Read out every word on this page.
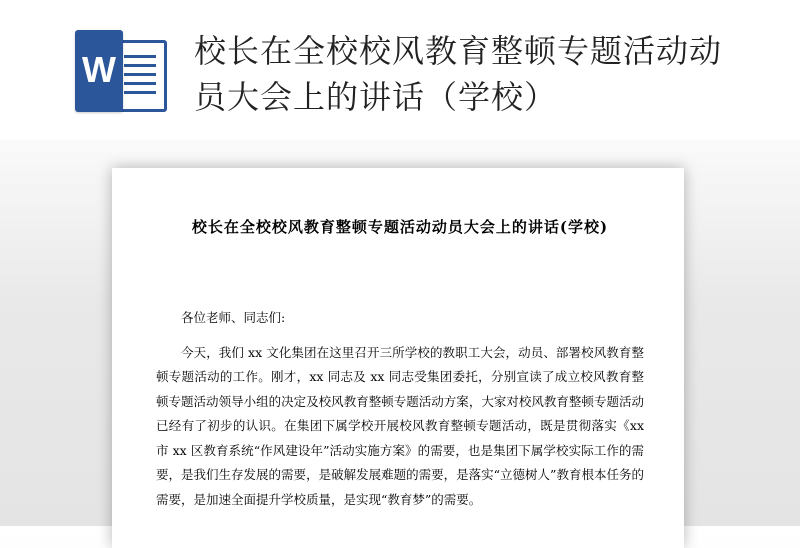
W 校长在全校校风教育整顿专题活动动员大会上的讲话（学校）
校长在全校校风教育整顿专题活动动员大会上的讲话(学校)

各位老师、同志们:

今天，我们 xx 文化集团在这里召开三所学校的教职工大会，动员、部署校风教育整顿专题活动的工作。刚才，xx 同志及 xx 同志受集团委托，分别宣读了成立校风教育整顿专题活动领导小组的决定及校风教育整顿专题活动方案，大家对校风教育整顿专题活动已经有了初步的认识。在集团下属学校开展校风教育整顿专题活动，既是贯彻落实《xx 市 xx 区教育系统“作风建设年”活动实施方案》的需要，也是集团下属学校实际工作的需要，是我们生存发展的需要，是破解发展难题的需要，是落实“立德树人”教育根本任务的需要，是加速全面提升学校质量，是实现“教育梦”的需要。
